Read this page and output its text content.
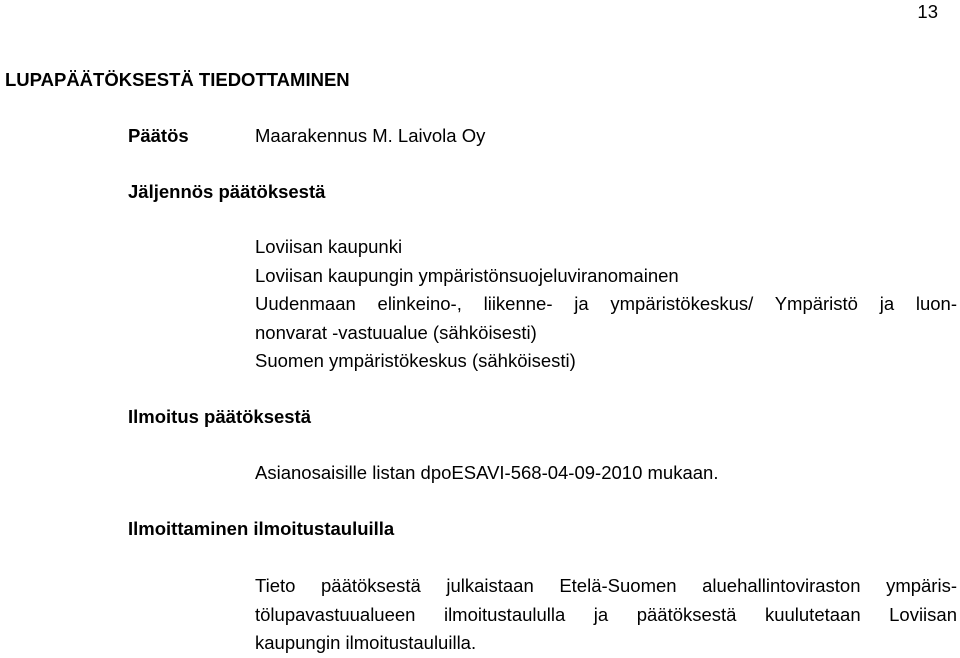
13
LUPAPÄÄTÖKSESTÄ TIEDOTTAMINEN
Päätös	Maarakennus M. Laivola Oy
Jäljennös päätöksestä
Loviisan kaupunki
Loviisan kaupungin ympäristönsuojeluviranomainen
Uudenmaan elinkeino-, liikenne- ja ympäristökeskus/ Ympäristö ja luon-
nonvarat -vastuualue (sähköisesti)
Suomen ympäristökeskus (sähköisesti)
Ilmoitus päätöksestä
Asianosaisille listan dpoESAVI-568-04-09-2010 mukaan.
Ilmoittaminen ilmoitustauluilla
Tieto päätöksestä julkaistaan Etelä-Suomen aluehallintoviraston ympäris-
tölupavastuualueen ilmoitustaululla ja päätöksestä kuulutetaan Loviisan
kaupungin ilmoitustauluilla.
